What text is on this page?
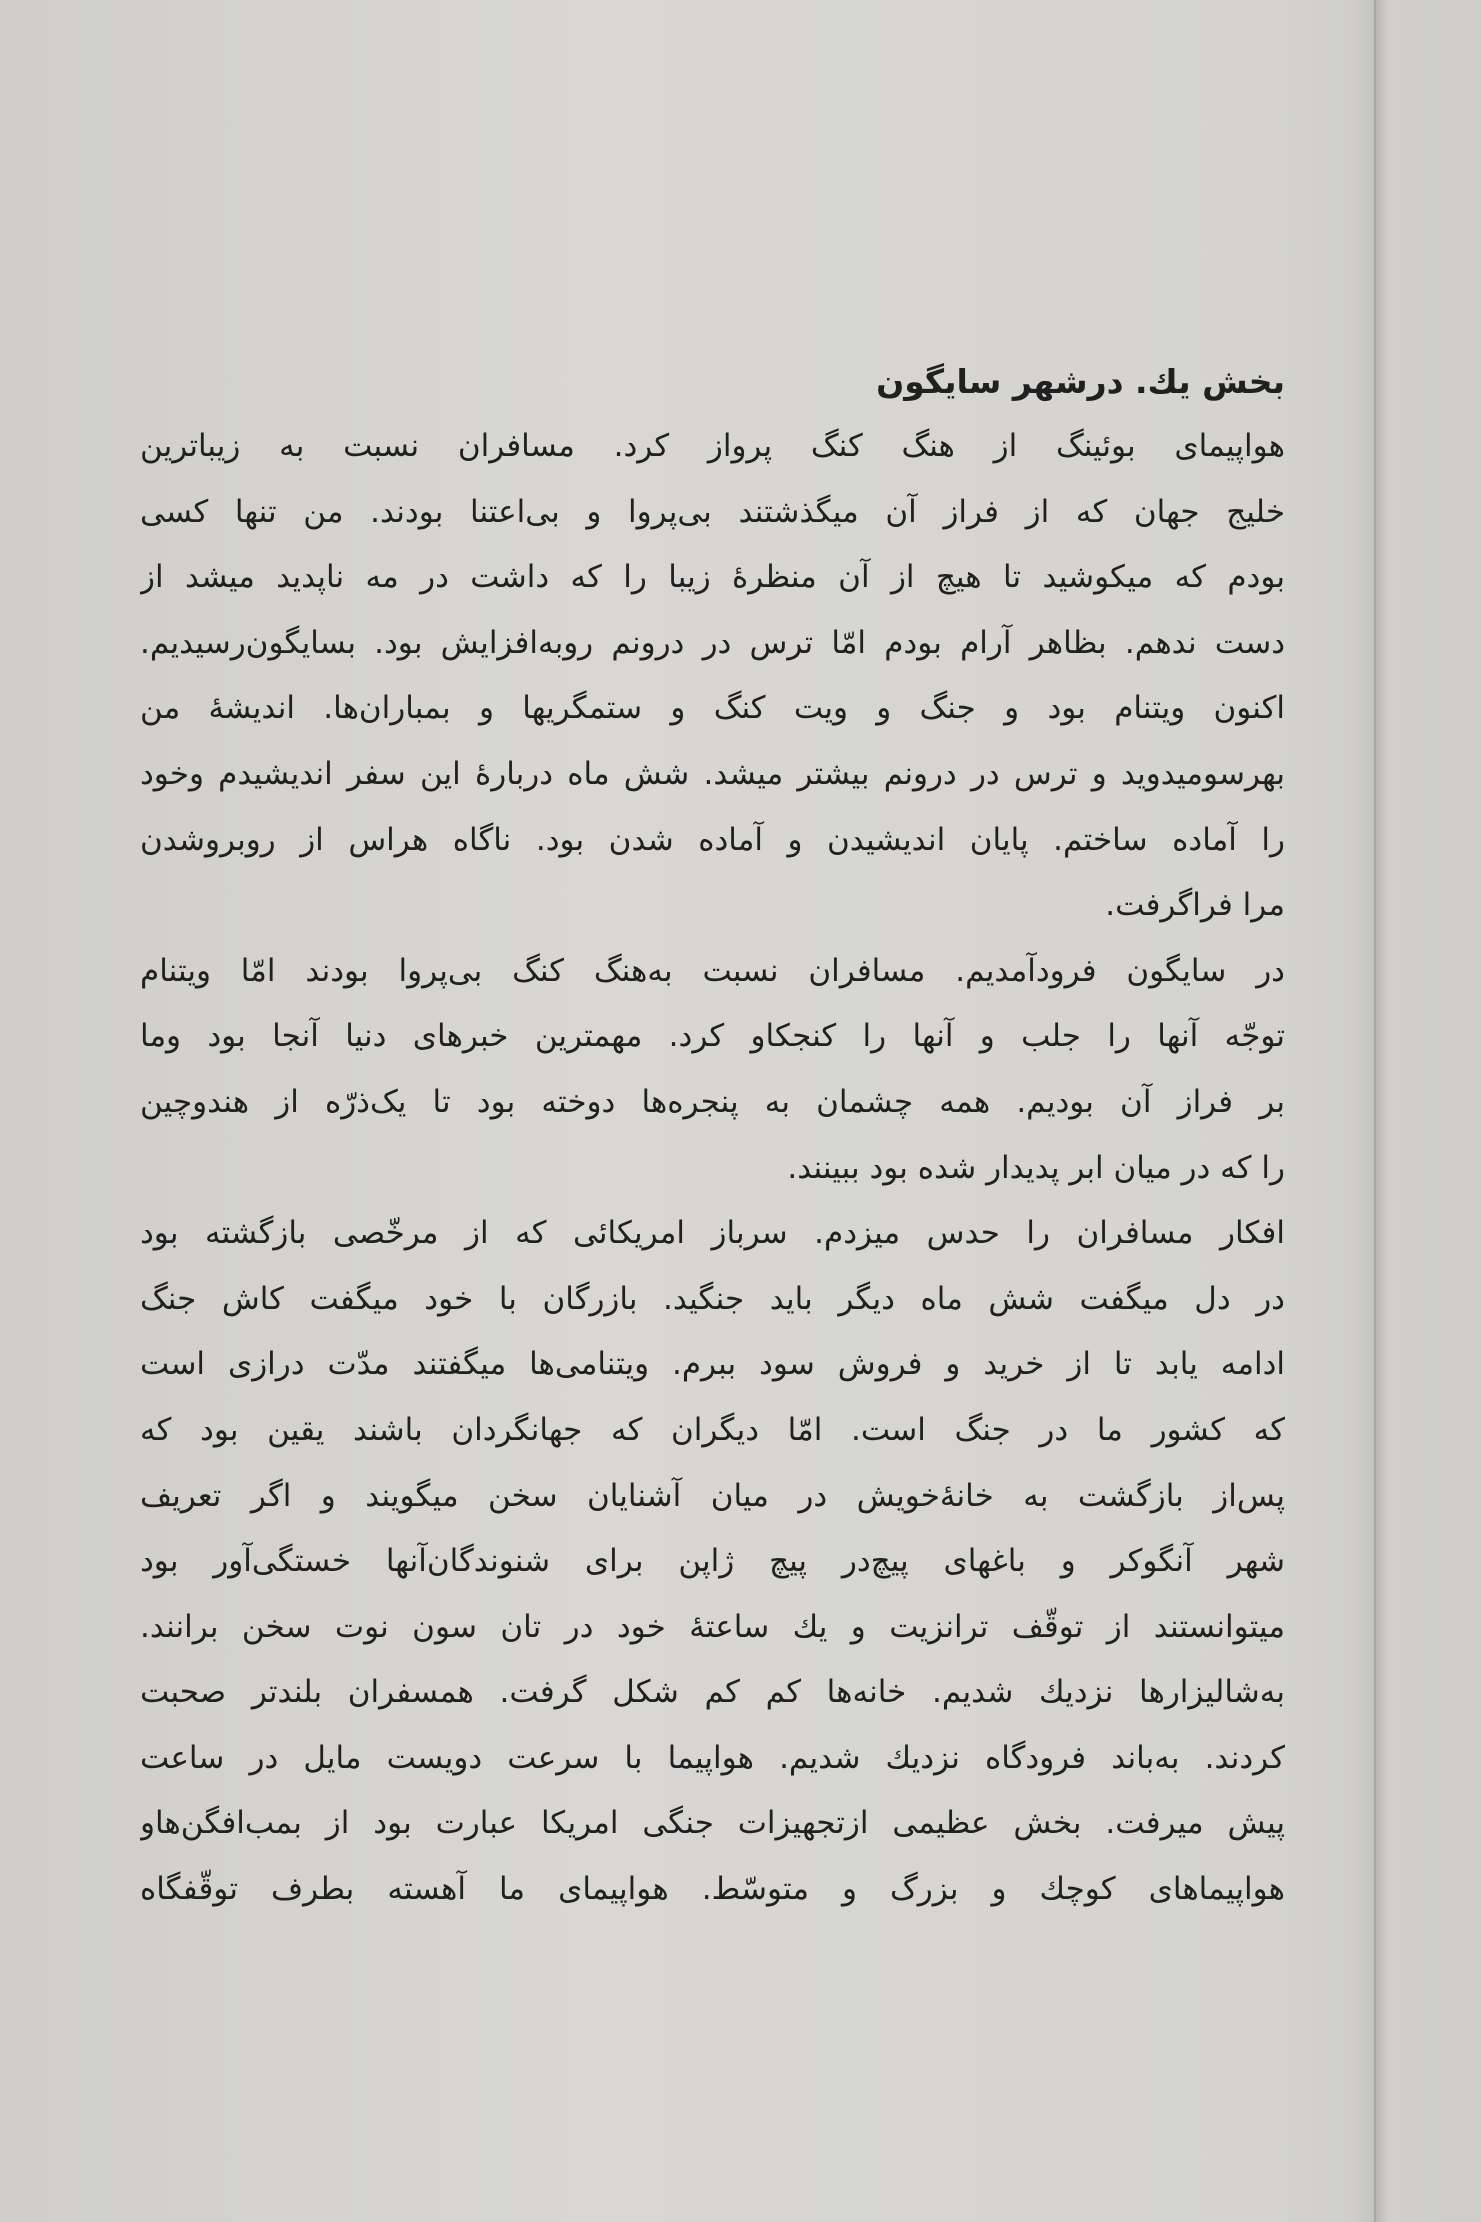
بخش یك. درشهر سایگون
هواپیمای بوئینگ از هنگ کنگ پرواز کرد. مسافران نسبت به زیباترین
خلیج جهان که از فراز آن میگذشتند بی‌پروا و بی‌اعتنا بودند. من تنها کسی
بودم که میکوشید تا هیچ از آن منظرهٔ زیبا را که داشت در مه ناپدید میشد از
دست ندهم. بظاهر آرام بودم امّا ترس در درونم روبه‌افزایش بود. بسایگون‌رسیدیم.
اکنون ویتنام بود و جنگ و ویت کنگ و ستمگریها و بمباران‌ها. اندیشهٔ من
بهرسومیدوید و ترس در درونم بیشتر میشد. شش ماه دربارهٔ این سفر اندیشیدم وخود
را آماده ساختم. پایان اندیشیدن و آماده شدن بود. ناگاه هراس از روبروشدن
مرا فراگرفت.
در سایگون فرودآمدیم. مسافران نسبت به‌هنگ کنگ بی‌پروا بودند امّا ویتنام
توجّه آنها را جلب و آنها را کنجکاو کرد. مهمترین خبرهای دنیا آنجا بود وما
بر فراز آن بودیم. همه چشمان به پنجره‌ها دوخته بود تا یک‌ذرّه از هندوچین
را که در میان ابر پدیدار شده بود ببینند.
افکار مسافران را حدس میزدم. سرباز امریکائی که از مرخّصی بازگشته بود
در دل میگفت شش ماه دیگر باید جنگید. بازرگان با خود میگفت کاش جنگ
ادامه یابد تا از خرید و فروش سود ببرم. ویتنامی‌ها میگفتند مدّت درازی است
که کشور ما در جنگ است. امّا دیگران که جهانگردان باشند یقین بود که
پس‌از بازگشت به خانهٔ‌خویش در میان آشنایان سخن میگویند و اگر تعریف
شهر آنگوکر و باغهای پیچ‌در پیچ ژاپن برای شنوندگان‌آنها خستگی‌آور بود
میتوانستند از توقّف ترانزیت و یك ساعتهٔ خود در تان سون نوت سخن برانند.
به‌شالیزارها نزدیك شدیم. خانه‌ها کم کم شکل گرفت. همسفران بلندتر صحبت
کردند. به‌باند فرودگاه نزدیك شدیم. هواپیما با سرعت دویست مایل در ساعت
پیش میرفت. بخش عظیمی ازتجهیزات جنگی امریکا عبارت بود از بمب‌افگن‌هاو
هواپیماهای کوچك و بزرگ و متوسّط. هواپیمای ما آهسته بطرف توقّفگاه
